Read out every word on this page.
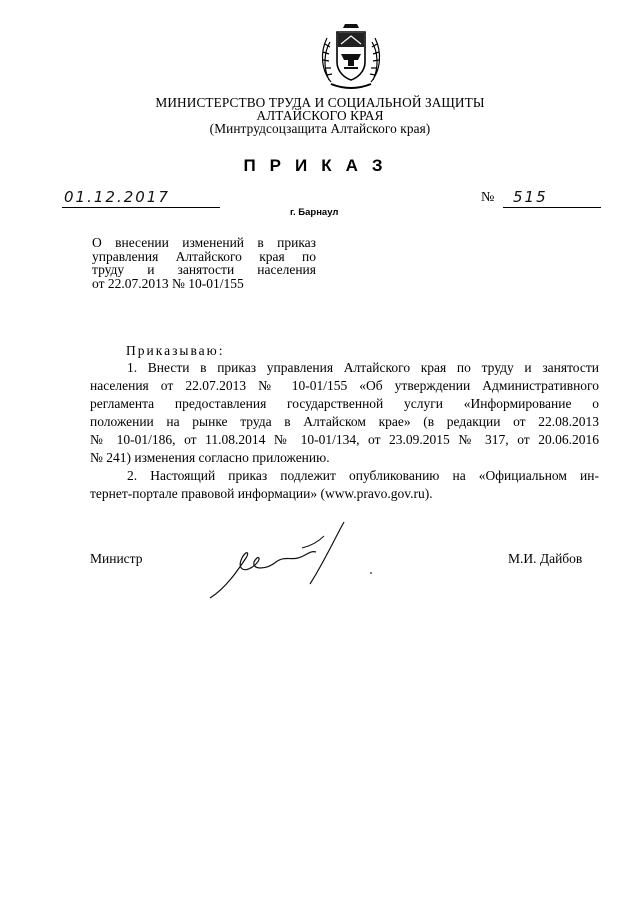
МИНИСТЕРСТВО ТРУДА И СОЦИАЛЬНОЙ ЗАЩИТЫ
АЛТАЙСКОГО КРАЯ
(Минтрудсоцзащита Алтайского края)
ПРИКАЗ
01.12.2017	№ 515
г. Барнаул
О внесении изменений в приказ
управления Алтайского края по
труду и занятости населения
от 22.07.2013 № 10-01/155
Приказываю:
1. Внести в приказ управления Алтайского края по труду и занятости
населения от 22.07.2013 № 10-01/155 «Об утверждении Административного
регламента предоставления государственной услуги «Информирование о
положении на рынке труда в Алтайском крае» (в редакции от 22.08.2013
№ 10-01/186, от 11.08.2014 № 10-01/134, от 23.09.2015 № 317, от 20.06.2016
№ 241) изменения согласно приложению.
2. Настоящий приказ подлежит опубликованию на «Официальном ин-
тернет-портале правовой информации» (www.pravo.gov.ru).
Министр	М.И. Дайбов
